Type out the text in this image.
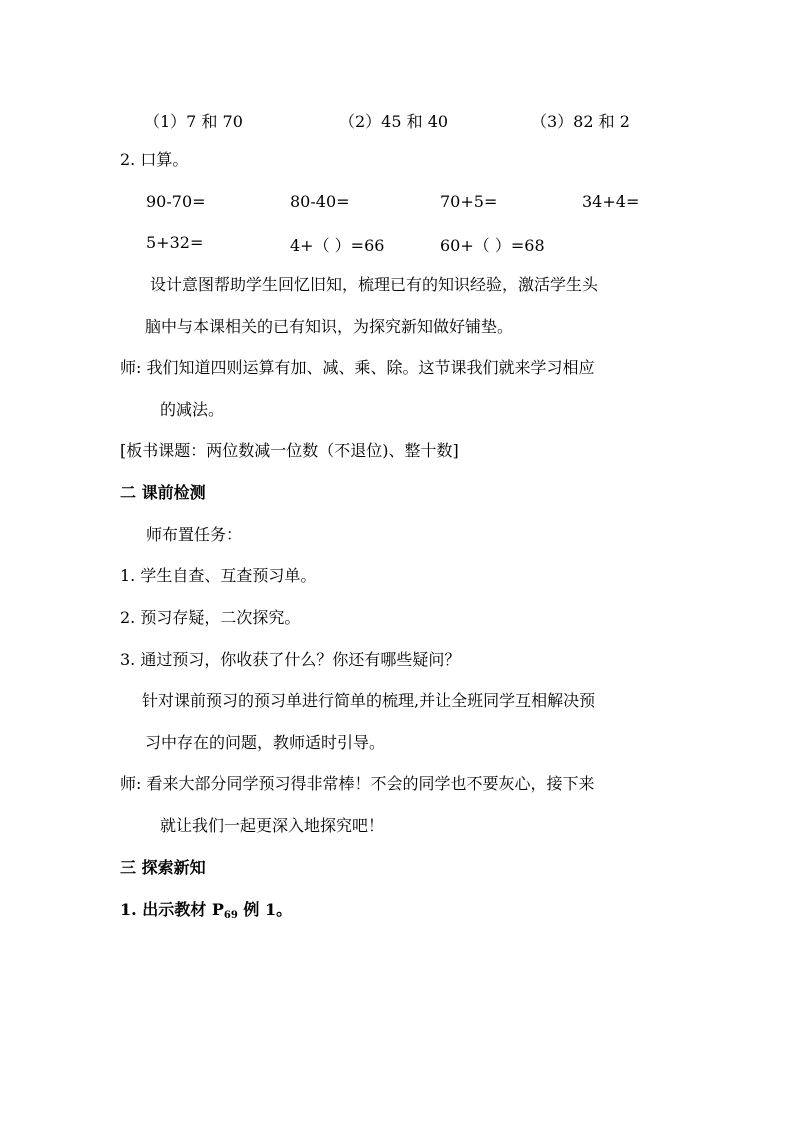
（1）7 和 70	（2）45 和 40	（3）82 和 2
2. 口算。
90-70=	80-40=	70+5=	34+4=
5+32=	4+（ ）=66	60+（ ）=68
设计意图帮助学生回忆旧知，梳理已有的知识经验，激活学生头
脑中与本课相关的已有知识，为探究新知做好铺垫。
师: 我们知道四则运算有加、减、乘、除。这节课我们就来学习相应
的减法。
[板书课题：两位数减一位数（不退位)、整十数]
二 课前检测
师布置任务：
1. 学生自查、互查预习单。
2. 预习存疑，二次探究。
3. 通过预习，你收获了什么？你还有哪些疑问？
针对课前预习的预习单进行简单的梳理,并让全班同学互相解决预
习中存在的问题，教师适时引导。
师: 看来大部分同学预习得非常棒！不会的同学也不要灰心，接下来
就让我们一起更深入地探究吧！
三 探索新知
1. 出示教材 $P_{69}$ 例 1。
